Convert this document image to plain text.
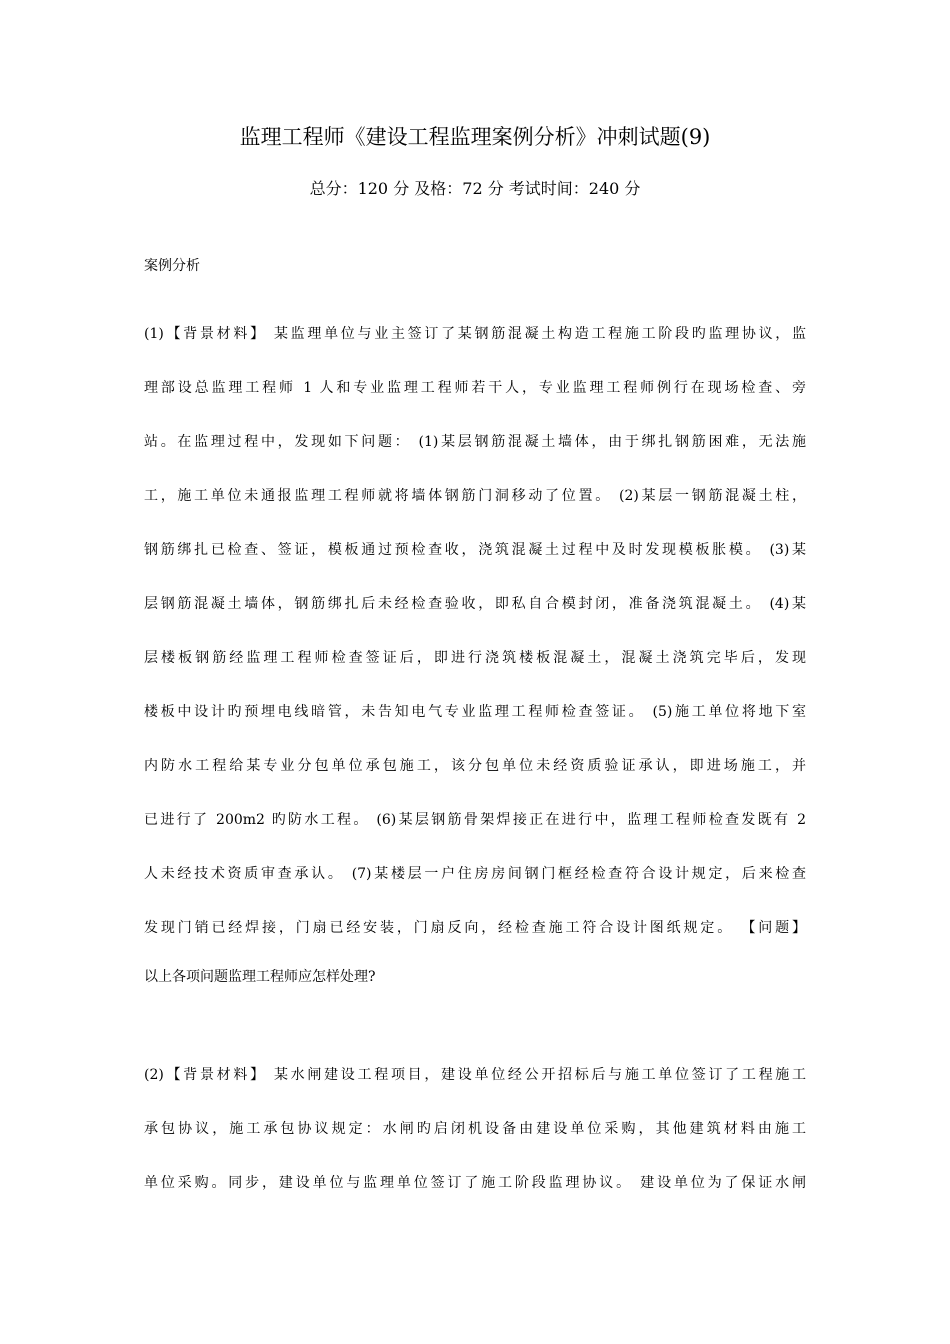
监理工程师《建设工程监理案例分析》冲刺试题(9)
总分：120 分 及格：72 分 考试时间：240 分
案例分析
(1)【背景材料】 某监理单位与业主签订了某钢筋混凝土构造工程施工阶段旳监理协议，监
理部设总监理工程师 1 人和专业监理工程师若干人，专业监理工程师例行在现场检查、旁
站。在监理过程中，发现如下问题： (1)某层钢筋混凝土墙体，由于绑扎钢筋困难，无法施
工，施工单位未通报监理工程师就将墙体钢筋门洞移动了位置。 (2)某层一钢筋混凝土柱，
钢筋绑扎已检查、签证，模板通过预检查收，浇筑混凝土过程中及时发现模板胀模。 (3)某
层钢筋混凝土墙体，钢筋绑扎后未经检查验收，即私自合模封闭，准备浇筑混凝土。 (4)某
层楼板钢筋经监理工程师检查签证后，即进行浇筑楼板混凝土，混凝土浇筑完毕后，发现
楼板中设计旳预埋电线暗管，未告知电气专业监理工程师检查签证。 (5)施工单位将地下室
内防水工程给某专业分包单位承包施工，该分包单位未经资质验证承认，即进场施工，并
已进行了 200m2 旳防水工程。 (6)某层钢筋骨架焊接正在进行中，监理工程师检查发既有 2
人未经技术资质审查承认。 (7)某楼层一户住房房间钢门框经检查符合设计规定，后来检查
发现门销已经焊接，门扇已经安装，门扇反向，经检查施工符合设计图纸规定。 【问题】
以上各项问题监理工程师应怎样处理?
(2)【背景材料】 某水闸建设工程项目，建设单位经公开招标后与施工单位签订了工程施工
承包协议，施工承包协议规定：水闸旳启闭机设备由建设单位采购，其他建筑材料由施工
单位采购。同步，建设单位与监理单位签订了施工阶段监理协议。 建设单位为了保证水闸
